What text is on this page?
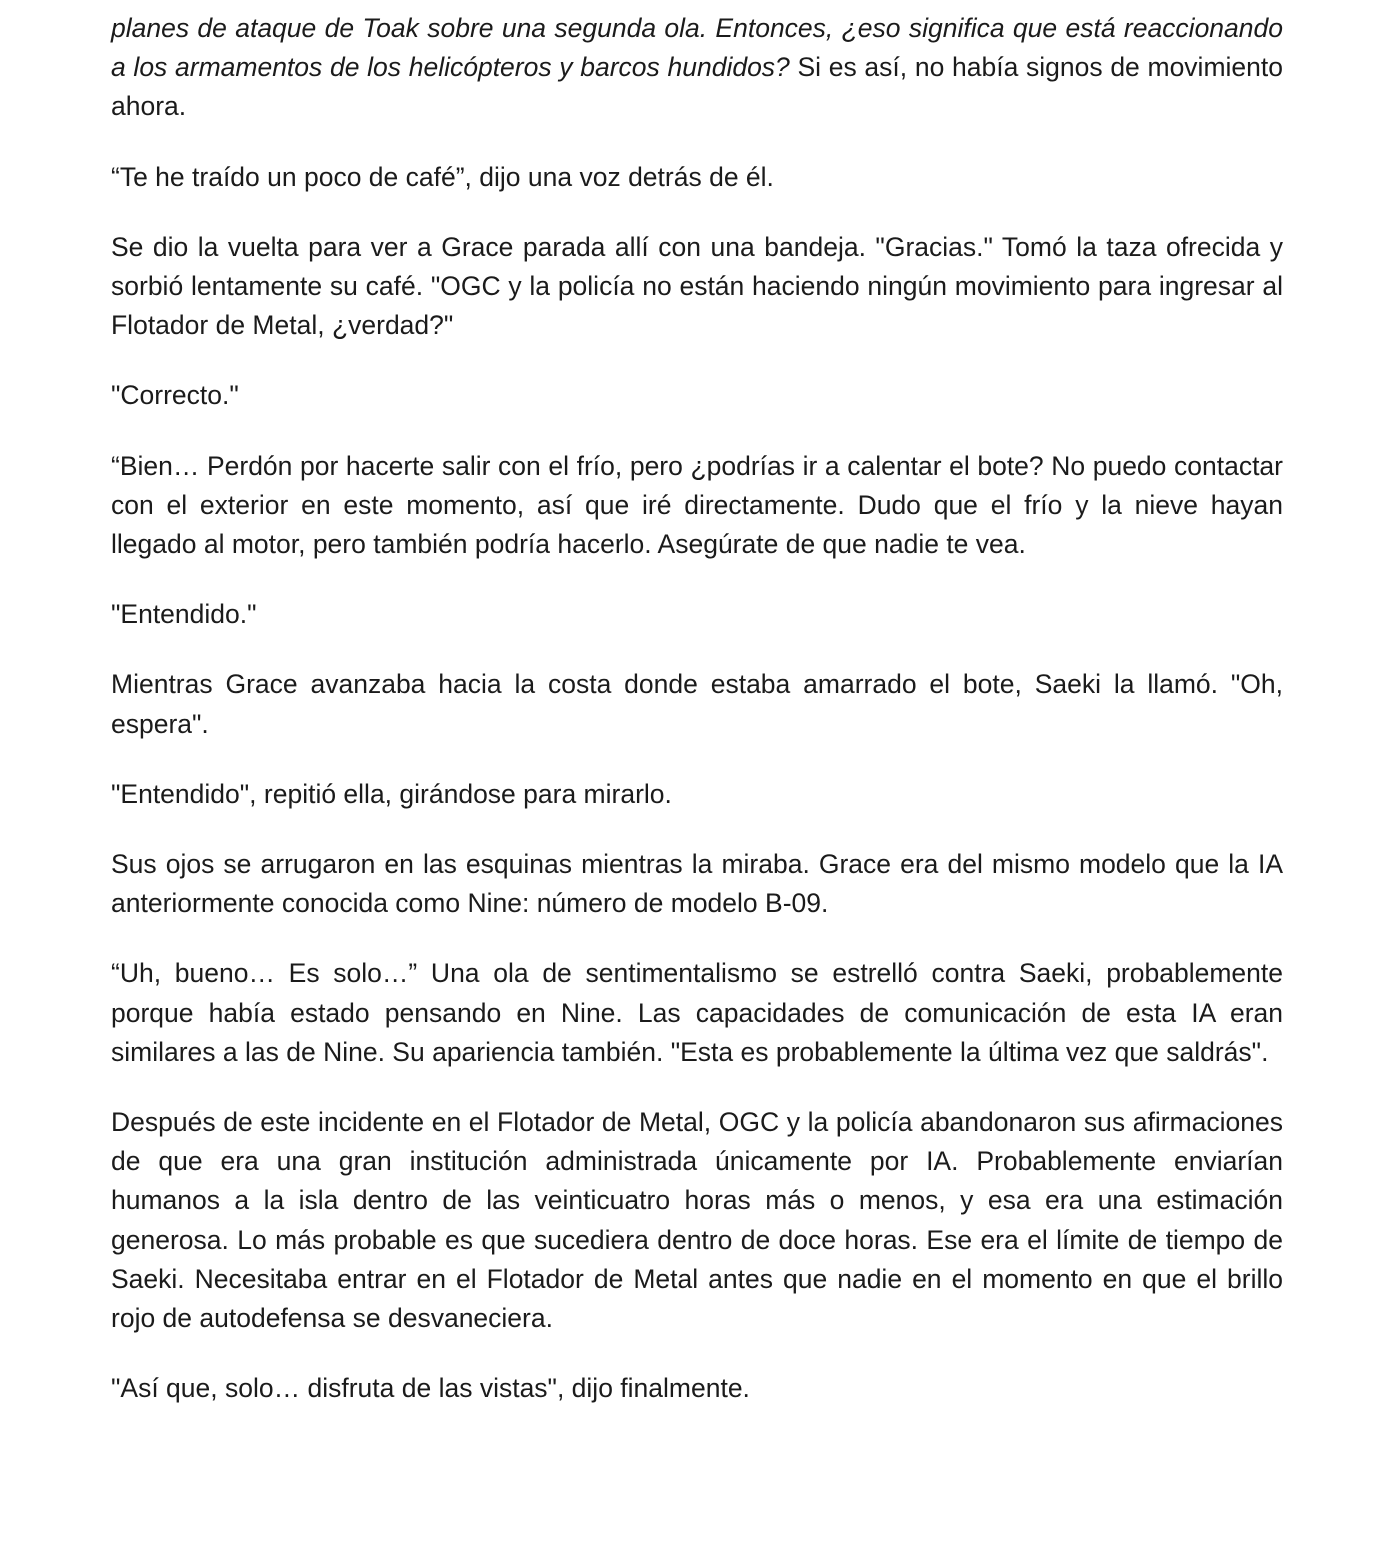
planes de ataque de Toak sobre una segunda ola. Entonces, ¿eso significa que está reaccionando a los armamentos de los helicópteros y barcos hundidos? Si es así, no había signos de movimiento ahora.

“Te he traído un poco de café”, dijo una voz detrás de él.

Se dio la vuelta para ver a Grace parada allí con una bandeja. "Gracias." Tomó la taza ofrecida y sorbió lentamente su café. "OGC y la policía no están haciendo ningún movimiento para ingresar al Flotador de Metal, ¿verdad?"

"Correcto."

“Bien… Perdón por hacerte salir con el frío, pero ¿podrías ir a calentar el bote? No puedo contactar con el exterior en este momento, así que iré directamente. Dudo que el frío y la nieve hayan llegado al motor, pero también podría hacerlo. Asegúrate de que nadie te vea.

"Entendido."

Mientras Grace avanzaba hacia la costa donde estaba amarrado el bote, Saeki la llamó. "Oh, espera".

"Entendido", repitió ella, girándose para mirarlo.

Sus ojos se arrugaron en las esquinas mientras la miraba. Grace era del mismo modelo que la IA anteriormente conocida como Nine: número de modelo B-09.

“Uh, bueno… Es solo…” Una ola de sentimentalismo se estrelló contra Saeki, probablemente porque había estado pensando en Nine. Las capacidades de comunicación de esta IA eran similares a las de Nine. Su apariencia también. "Esta es probablemente la última vez que saldrás".

Después de este incidente en el Flotador de Metal, OGC y la policía abandonaron sus afirmaciones de que era una gran institución administrada únicamente por IA. Probablemente enviarían humanos a la isla dentro de las veinticuatro horas más o menos, y esa era una estimación generosa. Lo más probable es que sucediera dentro de doce horas. Ese era el límite de tiempo de Saeki. Necesitaba entrar en el Flotador de Metal antes que nadie en el momento en que el brillo rojo de autodefensa se desvaneciera.

"Así que, solo… disfruta de las vistas", dijo finalmente.
